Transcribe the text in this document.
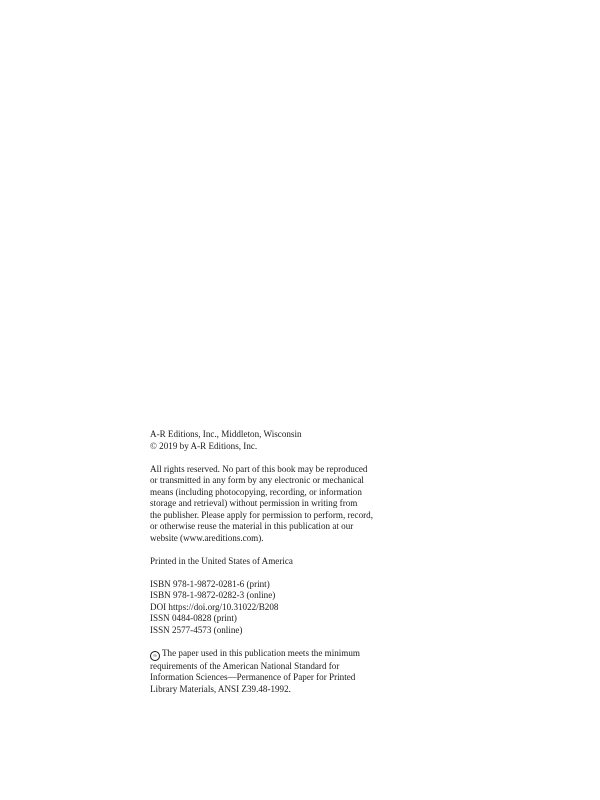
A-R Editions, Inc., Middleton, Wisconsin
© 2019 by A-R Editions, Inc.
All rights reserved. No part of this book may be reproduced
or transmitted in any form by any electronic or mechanical
means (including photocopying, recording, or information
storage and retrieval) without permission in writing from
the publisher. Please apply for permission to perform, record,
or otherwise reuse the material in this publication at our
website (www.areditions.com).
Printed in the United States of America
ISBN 978-1-9872-0281-6 (print)
ISBN 978-1-9872-0282-3 (online)
DOI https://doi.org/10.31022/B208
ISSN 0484-0828 (print)
ISSN 2577-4573 (online)
∞ The paper used in this publication meets the minimum
requirements of the American National Standard for
Information Sciences—Permanence of Paper for Printed
Library Materials, ANSI Z39.48-1992.
